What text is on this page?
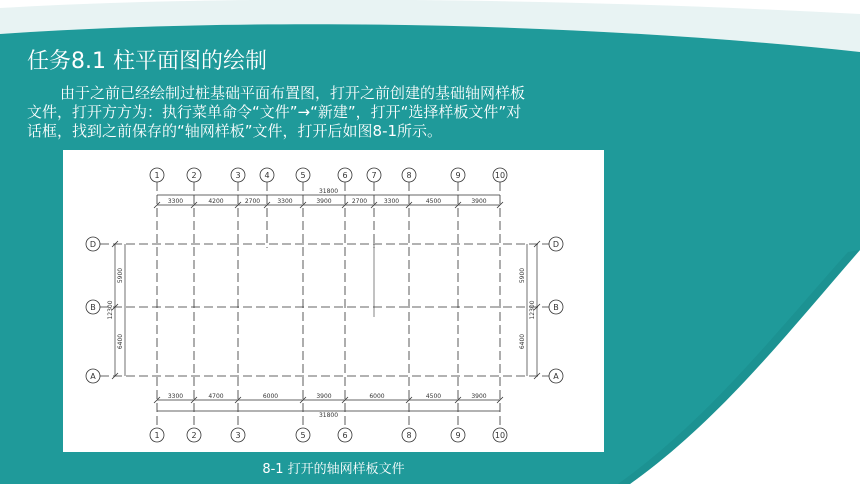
任务8.1 柱平面图的绘制
由于之前已经绘制过桩基础平面布置图，打开之前创建的基础轴网样板
文件，打开方方为：执行菜单命令“文件”→“新建”，打开“选择样板文件”对
话框，找到之前保存的“轴网样板”文件，打开后如图8-1所示。
3300	4200	2700	3300	3900	2700	3300	4500	3900
31800
3300	4700	6000	3900	6000	4500	3900
31800
5900
6400
12300
5900
6400
12300
1	2	3	4	5	6	7	8	9	10
1	2	3	5	6	8	9	10
D	D
B	B
A	A
8-1 打开的轴网样板文件
